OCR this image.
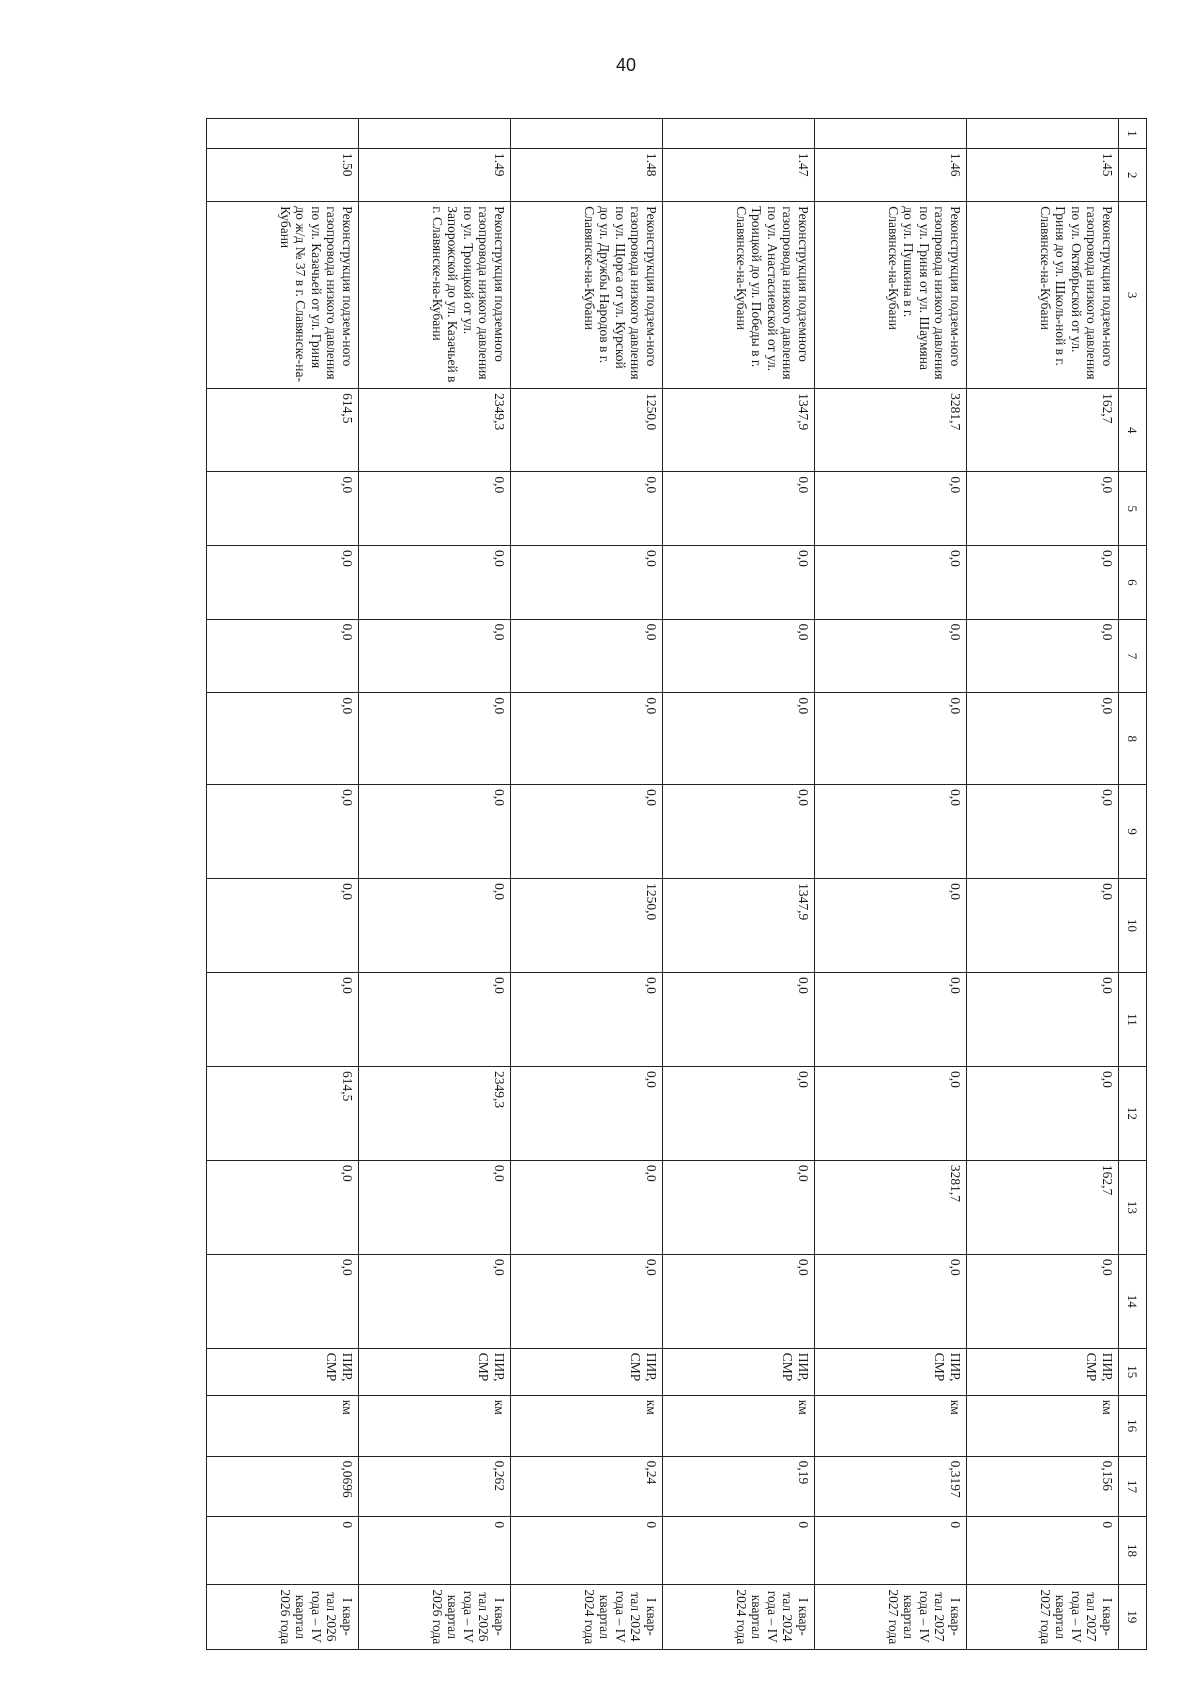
40
1	2	3	4	5	6	7	8	9	10	11	12	13	14	15	16	17	18	19
	1.45	Реконструкция подзем-ного газопровода низкого давления по ул. Октябрьской от ул. Гриня до ул. Школь-ной в г. Славянске-на-Кубани	162,7	0,0	0,0	0,0	0,0	0,0	0,0	0,0	0,0	162,7	0,0	ПИР, СМР	км	0,156	0	I квар-тал 2027 года – IV квартал 2027 года
	1.46	Реконструкция подзем-ного газопровода низкого давления по ул. Гриня от ул. Шаумяна до ул. Пушкина в г. Славянске-на-Кубани	3281,7	0,0	0,0	0,0	0,0	0,0	0,0	0,0	0,0	3281,7	0,0	ПИР, СМР	км	0,3197	0	I квар-тал 2027 года – IV квартал 2027 года
	1.47	Реконструкция подземного газопровода низкого давления по ул. Анастасиевской от ул. Троицкой до ул. Победы в г. Славянске-на-Кубани	1347,9	0,0	0,0	0,0	0,0	0,0	1347,9	0,0	0,0	0,0	0,0	ПИР, СМР	км	0,19	0	I квар-тал 2024 года – IV квартал 2024 года
	1.48	Реконструкция подзем-ного газопровода низкого давления по ул. Щорса от ул. Курской до ул. Дружбы Народов в г. Славянске-на-Кубани	1250,0	0,0	0,0	0,0	0,0	0,0	1250,0	0,0	0,0	0,0	0,0	ПИР, СМР	км	0,24	0	I квар-тал 2024 года – IV квартал 2024 года
	1.49	Реконструкция подземного газопровода низкого давления по ул. Троицкой от ул. Запорожской до ул. Казачьей в г. Славянске-на-Кубани	2349,3	0,0	0,0	0,0	0,0	0,0	0,0	0,0	2349,3	0,0	0,0	ПИР, СМР	км	0,262	0	I квар-тал 2026 года – IV квартал 2026 года
	1.50	Реконструкция подзем-ного газопровода низкого давления по ул. Казачьей от ул. Гриня до ж/д № 37 в г. Славянске-на-Кубани	614,5	0,0	0,0	0,0	0,0	0,0	0,0	0,0	614,5	0,0	0,0	ПИР, СМР	км	0,0696	0	I квар-тал 2026 года – IV квартал 2026 года
